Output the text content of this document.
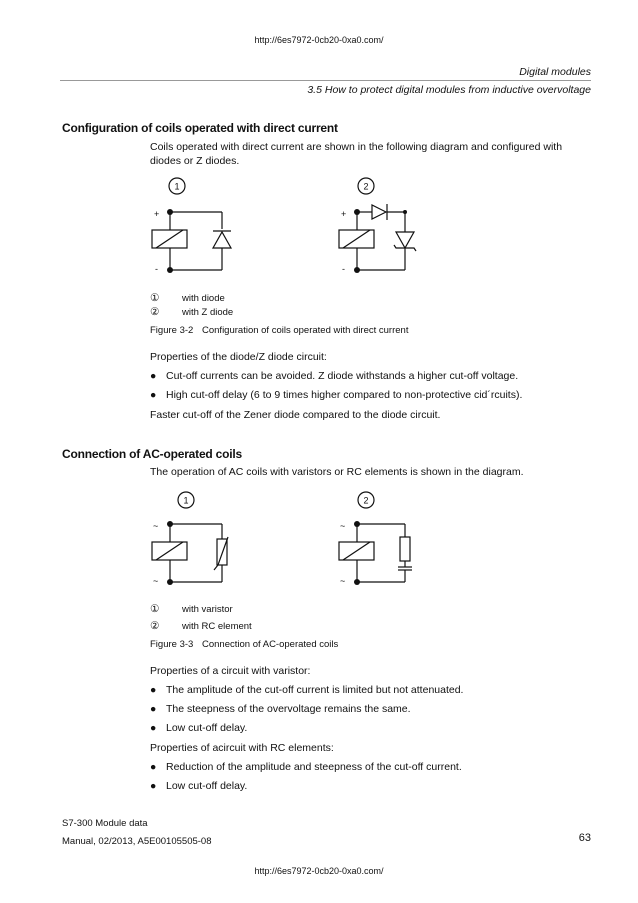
http://6es7972-0cb20-0xa0.com/
Digital modules
3.5 How to protect digital modules from inductive overvoltage
Configuration of coils operated with direct current
Coils operated with direct current are shown in the following diagram and configured with diodes or Z diodes.
1	2
+
-
+
-
① with diode
② with Z diode
Figure 3-2 Configuration of coils operated with direct current
Properties of the diode/Z diode circuit:
● Cut-off currents can be avoided. Z diode withstands a higher cut-off voltage.
● High cut-off delay (6 to 9 times higher compared to non-protective cid´rcuits).
Faster cut-off of the Zener diode compared to the diode circuit.
Connection of AC-operated coils
The operation of AC coils with varistors or RC elements is shown in the diagram.
1	2
~
~
~
~
① with varistor
② with RC element
Figure 3-3 Connection of AC-operated coils
Properties of a circuit with varistor:
● The amplitude of the cut-off current is limited but not attenuated.
● The steepness of the overvoltage remains the same.
● Low cut-off delay.
Properties of acircuit with RC elements:
● Reduction of the amplitude and steepness of the cut-off current.
● Low cut-off delay.
S7-300 Module data
Manual, 02/2013, A5E00105505-08	63
http://6es7972-0cb20-0xa0.com/
